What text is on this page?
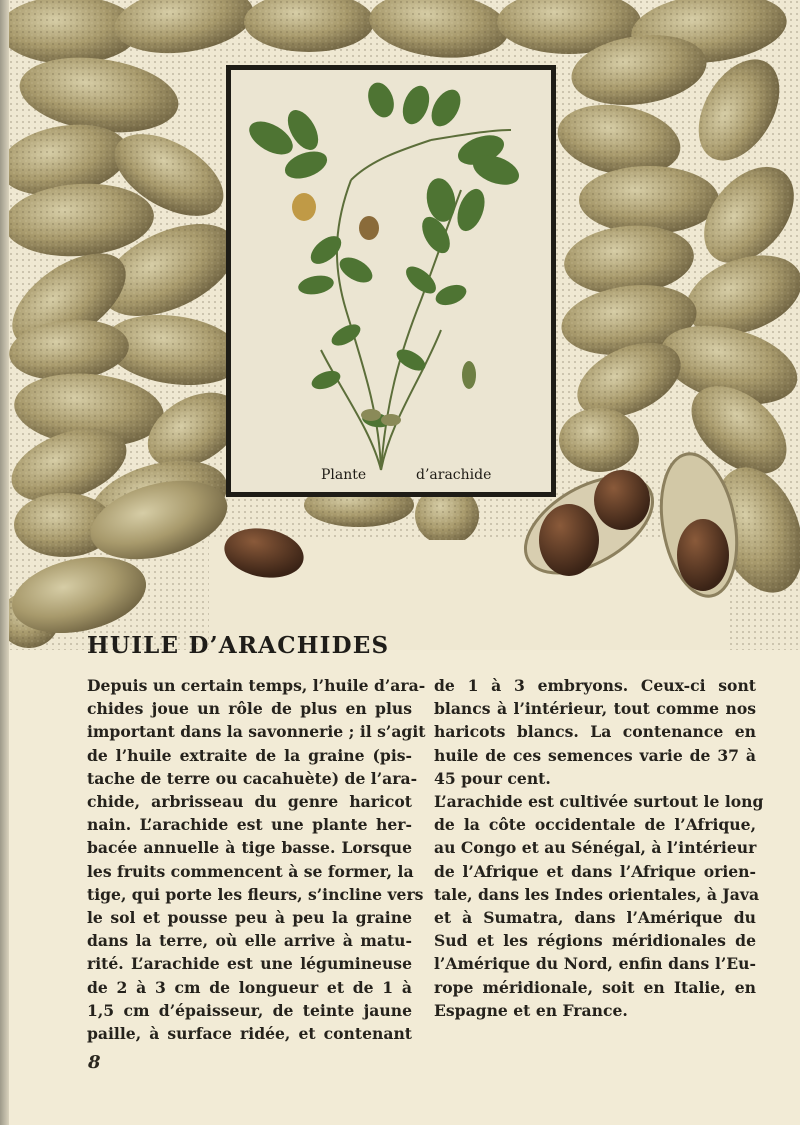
Plante	d’arachide
HUILE D’ARACHIDES
Depuis un certain temps, l’huile d’ara-
chides joue un rôle de plus en plus
important dans la savonnerie ; il s’agit
de l’huile extraite de la graine (pis-
tache de terre ou cacahuète) de l’ara-
chide, arbrisseau du genre haricot
nain. L’arachide est une plante her-
bacée annuelle à tige basse. Lorsque
les fruits commencent à se former, la
tige, qui porte les fleurs, s’incline vers
le sol et pousse peu à peu la graine
dans la terre, où elle arrive à matu-
rité. L’arachide est une légumineuse
de 2 à 3 cm de longueur et de 1 à
1,5 cm d’épaisseur, de teinte jaune
paille, à surface ridée, et contenant
de 1 à 3 embryons. Ceux-ci sont
blancs à l’intérieur, tout comme nos
haricots blancs. La contenance en
huile de ces semences varie de 37 à
45 pour cent.
L’arachide est cultivée surtout le long
de la côte occidentale de l’Afrique,
au Congo et au Sénégal, à l’intérieur
de l’Afrique et dans l’Afrique orien-
tale, dans les Indes orientales, à Java
et à Sumatra, dans l’Amérique du
Sud et les régions méridionales de
l’Amérique du Nord, enfin dans l’Eu-
rope méridionale, soit en Italie, en
Espagne et en France.
8
